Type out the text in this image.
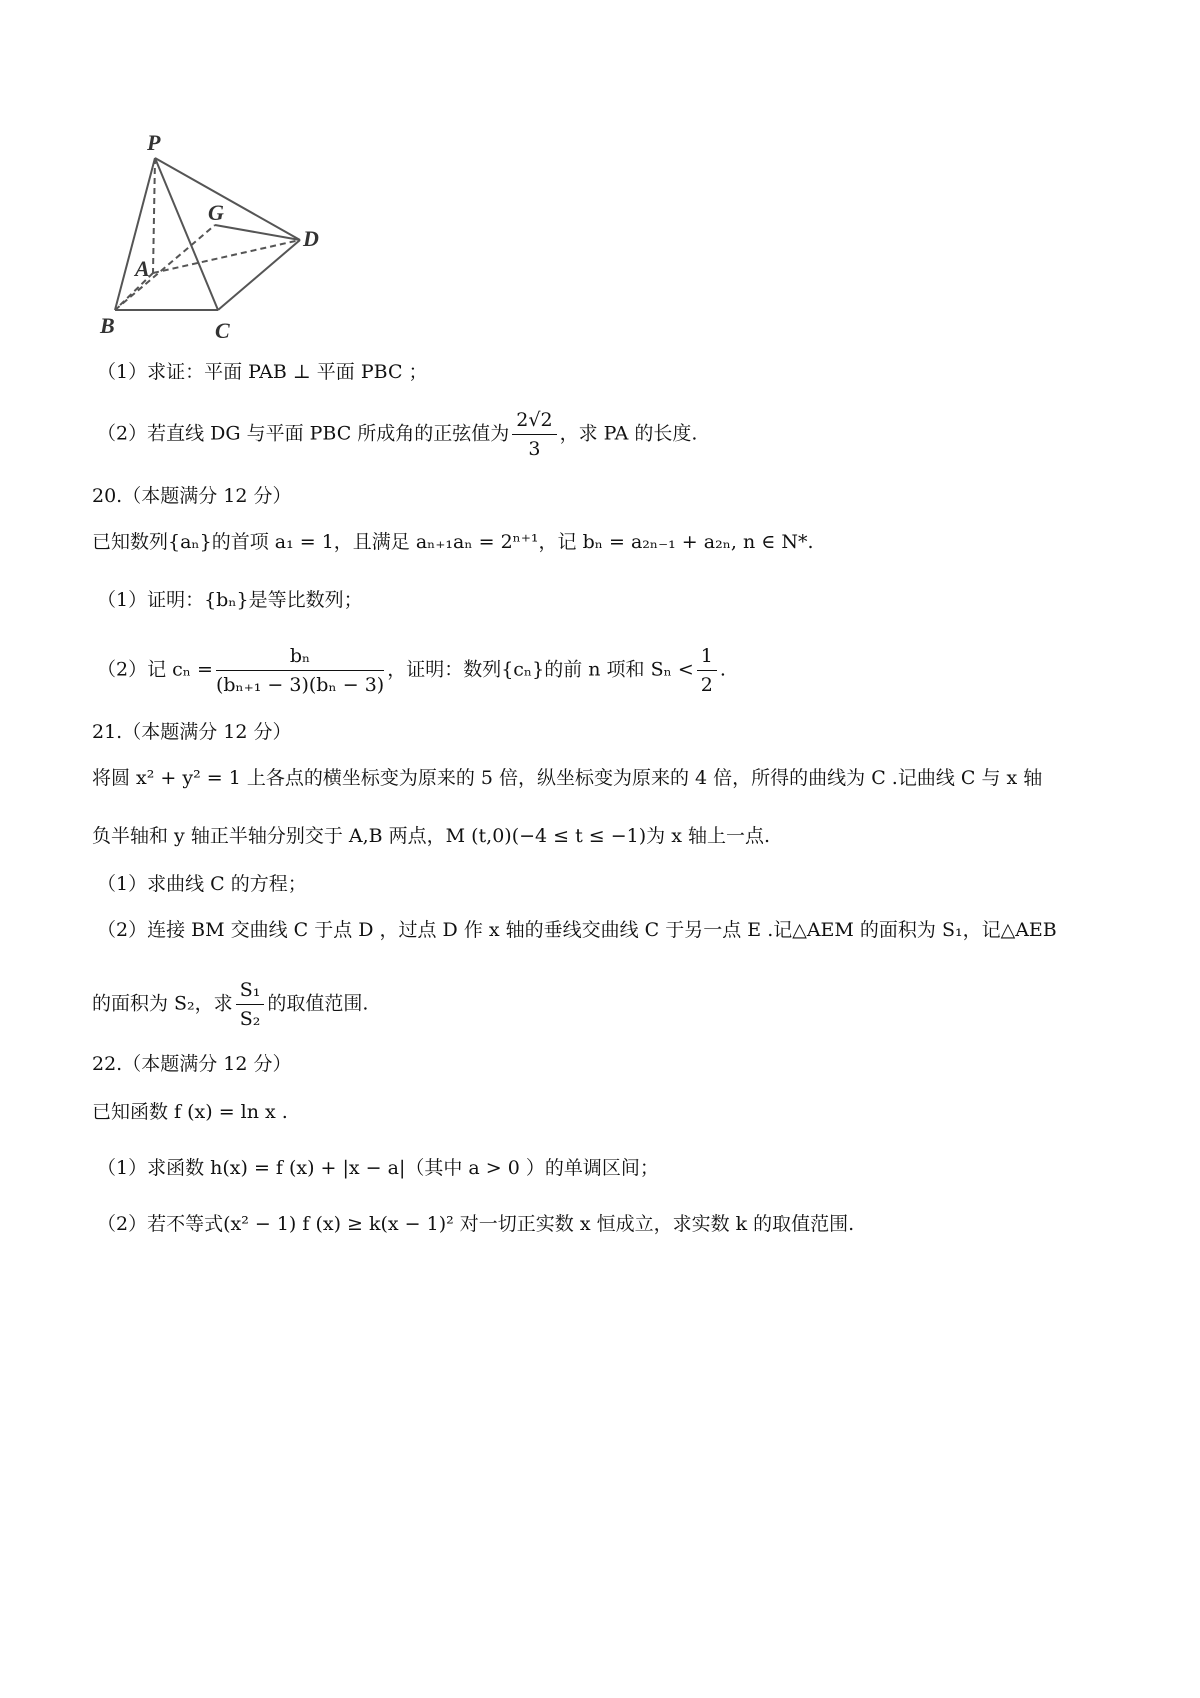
P
G
D
A
B	C
（1）求证：平面 PAB ⊥ 平面 PBC ；
（2）若直线 DG 与平面 PBC 所成角的正弦值为 $\frac{2√2}{3}$ ，求 PA 的长度.
20.（本题满分 12 分）
已知数列{aₙ}的首项 a₁ = 1，且满足 aₙ₊₁aₙ = 2ⁿ⁺¹，记 bₙ = a₂ₙ₋₁ + a₂ₙ, n ∈ N*.
（1）证明：{bₙ}是等比数列；
（2）记 $c_n = \frac{\text{bₙ}}{\text{(bₙ₊₁ − 3)(bₙ − 3)}}$ ，证明：数列{cₙ}的前 n 项和 $S_n < \frac{1}{2}$ .
21.（本题满分 12 分）
将圆 x² + y² = 1 上各点的横坐标变为原来的 5 倍，纵坐标变为原来的 4 倍，所得的曲线为 C .记曲线 C 与 x 轴
负半轴和 y 轴正半轴分别交于 A,B 两点，M (t,0)(−4 ≤ t ≤ −1)为 x 轴上一点.
（1）求曲线 C 的方程；
（2）连接 BM 交曲线 C 于点 D ，过点 D 作 x 轴的垂线交曲线 C 于另一点 E .记△AEM 的面积为 S₁，记△AEB
的面积为 S₂，求 $\frac{\text{S₁}}{\text{S₂}}$ 的取值范围.
22.（本题满分 12 分）
已知函数 f (x) = ln x .
（1）求函数 h(x) = f (x) + |x − a|（其中 a > 0 ）的单调区间；
（2）若不等式(x² − 1) f (x) ≥ k(x − 1)² 对一切正实数 x 恒成立，求实数 k 的取值范围.
